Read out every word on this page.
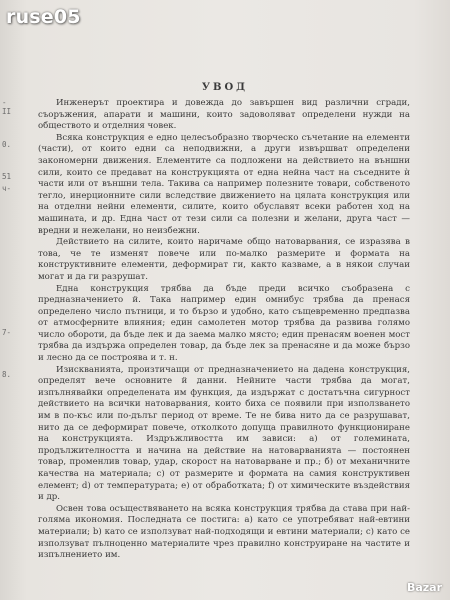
ruse05
-II
0.
51
ч-
7-
8.
УВОД

Инженерът проектира и довежда до завършен вид различни сгради, съоръжения, апарати и машини, които задоволяват определени нужди на обществото и отделния човек.

Всяка конструкция е едно целесъобразно творческо съчетание на елементи (части), от които едни са неподвижни, а други извършват определени закономерни движения. Елементите са подложени на действието на външни сили, които се предават на конструкцията от една нейна част на съседните ѝ части или от външни тела. Такива са например полезните товари, собственото тегло, инерционните сили вследствие движението на цялата конструкция или на отделни нейни елементи, силите, които обуславят всеки работен ход на машината, и др. Една част от тези сили са полезни и желани, друга част — вредни и нежелани, но неизбежни.

Действието на силите, които наричаме общо натоварвания, се изразява в това, че те изменят повече или по-малко размерите и формата на конструктивните елементи, деформират ги, както казваме, а в някои случаи могат и да ги разрушат.

Една конструкция трябва да бъде преди всичко съобразена с предназначението й. Така например един омнибус трябва да пренася определено число пътници, и то бързо и удобно, като същевременно предпазва от атмосферните влияния; един самолетен мотор трябва да развива голямо число обороти, да бъде лек и да заема малко място; един пренасям военен мост трябва да издържа определен товар, да бъде лек за пренасяне и да може бързо и лесно да се построява и т. н.

Изискванията, произтичащи от предназначението на дадена конструкция, определят вече основните й данни. Нейните части трябва да могат, изпълнявайки определената им функция, да издържат с достатъчна сигурност действието на всички натоварвания, които биха се появили при използването им в по-къс или по-дълъг период от време. Те не бива нито да се разрушават, нито да се деформират повече, отколкото допуща правилното функциониране на конструкцията. Издръжливостта им зависи: а) от големината, продължителността и начина на действие на натоварванията — постоянен товар, променлив товар, удар, скорост на натоварване и пр.; б) от механичните качества на материала; с) от размерите и формата на самия конструктивен елемент; d) от температурата; е) от обработката; f) от химическите въздействия и др.

Освен това осъществяването на всяка конструкция трябва да става при най-голяма икономия. Последната се постига: а) като се употребяват най-евтини материали; b) като се използуват най-подходящи и евтини материали; с) като се използуват пълноценно материалите чрез правилно конструиране на частите и изпълнението им.

Bazar
